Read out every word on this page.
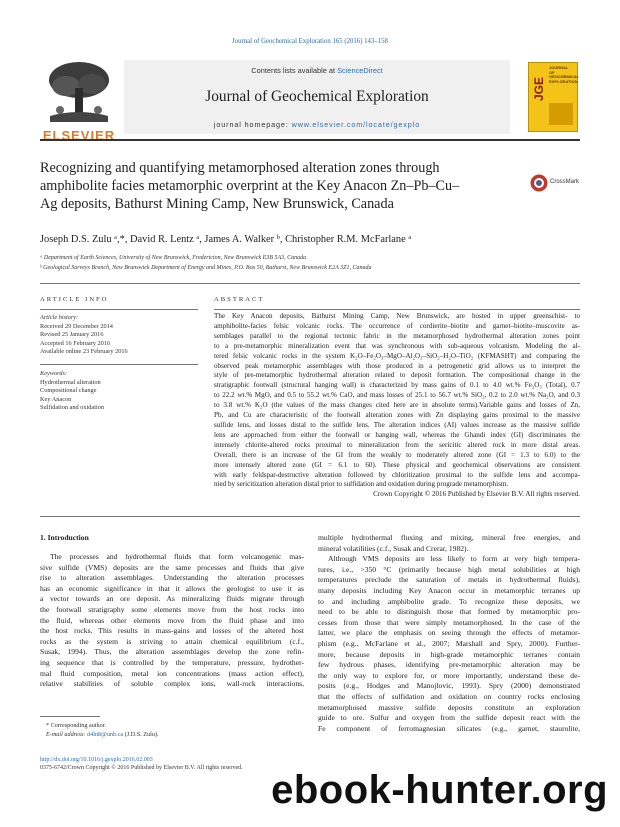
Journal of Geochemical Exploration 165 (2016) 143–158
ELSEVIER
Contents lists available at ScienceDirect
Journal of Geochemical Exploration
journal homepage: www.elsevier.com/locate/gexplo
JOURNAL OF GEOCHEMICAL EXPLORATION
JGE
Recognizing and quantifying metamorphosed alteration zones through
amphibolite facies metamorphic overprint at the Key Anacon Zn–Pb–Cu–
Ag deposits, Bathurst Mining Camp, New Brunswick, Canada
CrossMark
Joseph D.S. Zulu ᵃ,*, David R. Lentz ᵃ, James A. Walker ᵇ, Christopher R.M. McFarlane ᵃ
ᵃ Department of Earth Sciences, University of New Brunswick, Fredericton, New Brunswick E3B 5A3, Canada
ᵇ Geological Surveys Branch, New Brunswick Department of Energy and Mines, P.O. Box 50, Bathurst, New Brunswick E2A 3Z1, Canada
ARTICLE INFO
Article history:
Received 29 December 2014
Revised 25 January 2016
Accepted 16 February 2016
Available online 23 February 2016
Keywords:
Hydrothermal alteration
Compositional change
Key Anacon
Sulfidation and oxidation
ABSTRACT
The Key Anacon deposits, Bathurst Mining Camp, New Brunswick, are hosted in upper greenschist- to
amphibolite-facies felsic volcanic rocks. The occurrence of cordierite–biotite and garnet–biotite–muscovite as-
semblages parallel to the regional tectonic fabric in the metamorphosed hydrothermal alteration zones point
to a pre-metamorphic mineralization event that was synchronous with sub-aqueous volcanism. Modeling the al-
tered felsic volcanic rocks in the system K₂O–Fe₂O₃–MgO–Al₂O₃–SiO₂–H₂O–TiO₂ (KFMASHT) and comparing the
observed peak metamorphic assemblages with those produced in a petrogenetic grid allows us to interpret the
style of pre-metamorphic hydrothermal alteration related to deposit formation. The compositional change in the
stratigraphic footwall (structural hanging wall) is characterized by mass gains of 0.1 to 4.0 wt.% Fe₂O₃ (Total), 0.7
to 22.2 wt.% MgO, and 0.5 to 55.2 wt.% CaO, and mass losses of 25.1 to 56.7 wt.% SiO₂, 0.2 to 2.0 wt.% Na₂O, and 0.3
to 3.8 wt.% K₂O (the values of the mass changes cited here are in absolute terms).Variable gains and losses of Zn,
Pb, and Cu are characteristic of the footwall alteration zones with Zn displaying gains proximal to the massive
sulfide lens, and losses distal to the sulfide lens. The alteration indices (AI) values increase as the massive sulfide
lens are approached from either the footwall or hanging wall, whereas the Ghandi index (GI) discriminates the
intensely chlorite-altered rocks proximal to mineralization from the sericitic altered rock in more distal areas.
Overall, there is an increase of the GI from the weakly to moderately altered zone (GI = 1.3 to 6.0) to the
more intensely altered zone (GI = 6.1 to 60). These physical and geochemical observations are consistent
with early feldspar-destructive alteration followed by chloritization proximal to the sulfide lens and accompa-
nied by sericitization alteration distal prior to sulfidation and oxidation during prograde metamorphism.
Crown Copyright © 2016 Published by Elsevier B.V. All rights reserved.
1. Introduction
The processes and hydrothermal fluids that form volcanogenic mas-
sive sulfide (VMS) deposits are the same processes and fluids that give
rise to alteration assemblages. Understanding the alteration processes
has an economic significance in that it allows the geologist to use it as
a vector towards an ore deposit. As mineralizing fluids migrate through
the footwall stratigraphy some elements move from the host rocks into
the fluid, whereas other elements move from the fluid phase and into
the host rocks. This results in mass-gains and losses of the altered host
rocks as the system is striving to attain chemical equilibrium (c.f.,
Susak, 1994). Thus, the alteration assemblages develop the zone refin-
ing sequence that is controlled by the temperature, pressure, hydrother-
mal fluid composition, metal ion concentrations (mass action effect),
relative stabilities of soluble complex ions, wall-rock interactions,
multiple hydrothermal fluxing and mixing, mineral free energies, and
mineral volatilities (c.f., Susak and Crerar, 1982).
Although VMS deposits are less likely to form at very high tempera-
tures, i.e., >350 °C (primarily because high metal solubilities at high
temperatures preclude the saturation of metals in hydrothermal fluids),
many deposits including Key Anacon occur in metamorphic terranes up
to and including amphibolite grade. To recognize these deposits, we
need to be able to distinguish those that formed by metamorphic pro-
cesses from those that were simply metamorphosed. In the case of the
latter, we place the emphasis on seeing through the effects of metamor-
phism (e.g., McFarlane et al., 2007; Marshall and Spry, 2000). Further-
more, because deposits in high-grade metamorphic terranes contain
few hydrous phases, identifying pre-metamorphic alteration may be
the only way to explore for, or more importantly, understand these de-
posits (e.g., Hodges and Manojlovic, 1993). Spry (2000) demonstrated
that the effects of sulfidation and oxidation on country rocks enclosing
metamorphosed massive sulfide deposits constitute an exploration
guide to ore. Sulfur and oxygen from the sulfide deposit react with the
Fe component of ferromagnesian silicates (e.g., garnet, staurolite,
* Corresponding author.
E-mail address: d4ln8@unb.ca (J.D.S. Zulu).
http://dx.doi.org/10.1016/j.gexplo.2016.02.003
0375-6742/Crown Copyright © 2016 Published by Elsevier B.V. All rights reserved. ebook-hunter.org
